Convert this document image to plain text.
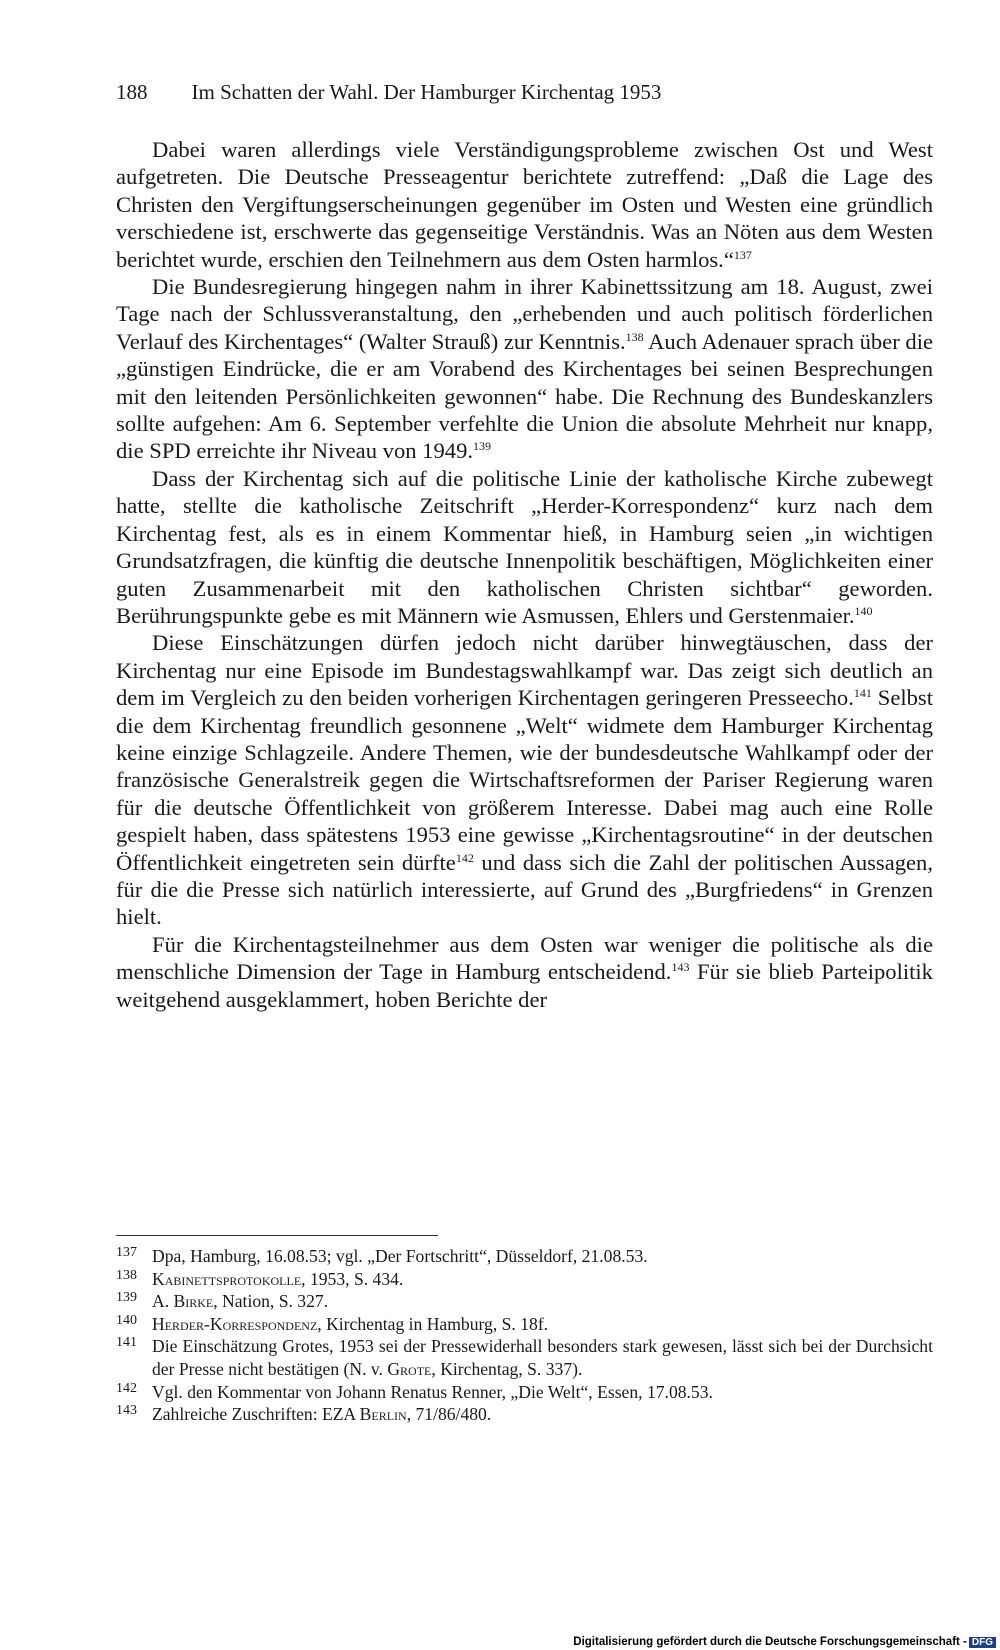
188 Im Schatten der Wahl. Der Hamburger Kirchentag 1953

Dabei waren allerdings viele Verständigungsprobleme zwischen Ost und West aufgetreten. Die Deutsche Presseagentur berichtete zutreffend: „Daß die Lage des Christen den Vergiftungserscheinungen gegenüber im Osten und Westen eine gründlich verschiedene ist, erschwerte das gegenseitige Verständnis. Was an Nöten aus dem Westen berichtet wurde, erschien den Teilnehmern aus dem Osten harmlos.“$^{137}$

Die Bundesregierung hingegen nahm in ihrer Kabinettssitzung am 18. August, zwei Tage nach der Schlussveranstaltung, den „erhebenden und auch politisch förderlichen Verlauf des Kirchentages“ (Walter Strauß) zur Kenntnis.$^{138}$ Auch Adenauer sprach über die „günstigen Eindrücke, die er am Vorabend des Kirchentages bei seinen Besprechungen mit den leitenden Persönlichkeiten gewonnen“ habe. Die Rechnung des Bundeskanzlers sollte aufgehen: Am 6. September verfehlte die Union die absolute Mehrheit nur knapp, die SPD erreichte ihr Niveau von 1949.$^{139}$

Dass der Kirchentag sich auf die politische Linie der katholische Kirche zubewegt hatte, stellte die katholische Zeitschrift „Herder-Korrespondenz“ kurz nach dem Kirchentag fest, als es in einem Kommentar hieß, in Hamburg seien „in wichtigen Grundsatzfragen, die künftig die deutsche Innenpolitik beschäftigen, Möglichkeiten einer guten Zusammenarbeit mit den katholischen Christen sichtbar“ geworden. Berührungspunkte gebe es mit Männern wie Asmussen, Ehlers und Gerstenmaier.$^{140}$

Diese Einschätzungen dürfen jedoch nicht darüber hinwegtäuschen, dass der Kirchentag nur eine Episode im Bundestagswahlkampf war. Das zeigt sich deutlich an dem im Vergleich zu den beiden vorherigen Kirchentagen geringeren Presseecho.$^{141}$ Selbst die dem Kirchentag freundlich gesonnene „Welt“ widmete dem Hamburger Kirchentag keine einzige Schlagzeile. Andere Themen, wie der bundesdeutsche Wahlkampf oder der französische Generalstreik gegen die Wirtschaftsreformen der Pariser Regierung waren für die deutsche Öffentlichkeit von größerem Interesse. Dabei mag auch eine Rolle gespielt haben, dass spätestens 1953 eine gewisse „Kirchentagsroutine“ in der deutschen Öffentlichkeit eingetreten sein dürfte$^{142}$ und dass sich die Zahl der politischen Aussagen, für die die Presse sich natürlich interessierte, auf Grund des „Burgfriedens“ in Grenzen hielt.

Für die Kirchentagsteilnehmer aus dem Osten war weniger die politische als die menschliche Dimension der Tage in Hamburg entscheidend.$^{143}$ Für sie blieb Parteipolitik weitgehend ausgeklammert, hoben Berichte der

137 Dpa, Hamburg, 16.08.53; vgl. „Der Fortschritt“, Düsseldorf, 21.08.53.
138 Kabinettsprotokolle, 1953, S. 434.
139 A. Birke, Nation, S. 327.
140 Herder-Korrespondenz, Kirchentag in Hamburg, S. 18f.
141 Die Einschätzung Grotes, 1953 sei der Pressewiderhall besonders stark gewesen, lässt sich bei der Durchsicht der Presse nicht bestätigen (N. v. Grote, Kirchentag, S. 337).
142 Vgl. den Kommentar von Johann Renatus Renner, „Die Welt“, Essen, 17.08.53.
143 Zahlreiche Zuschriften: EZA Berlin, 71/86/480.
Digitalisierung gefördert durch die Deutsche Forschungsgemeinschaft - DFG
